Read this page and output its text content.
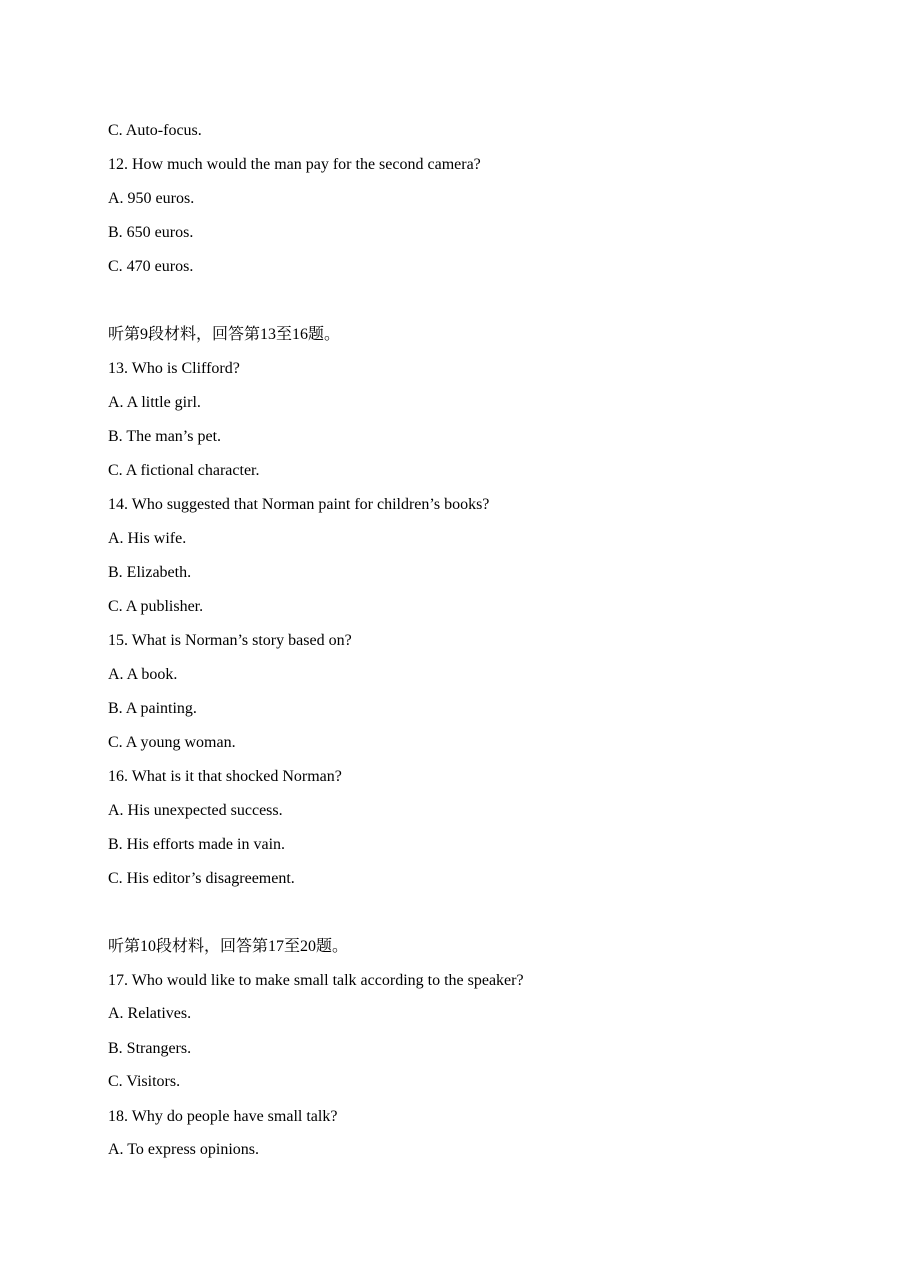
C. Auto-focus.
12. How much would the man pay for the second camera?
A. 950 euros.
B. 650 euros.
C. 470 euros.
听第9段材料，回答第13至16题。
13. Who is Clifford?
A. A little girl.
B. The man’s pet.
C. A fictional character.
14. Who suggested that Norman paint for children’s books?
A. His wife.
B. Elizabeth.
C. A publisher.
15. What is Norman’s story based on?
A. A book.
B. A painting.
C. A young woman.
16. What is it that shocked Norman?
A. His unexpected success.
B. His efforts made in vain.
C. His editor’s disagreement.
听第10段材料，回答第17至20题。
17. Who would like to make small talk according to the speaker?
A. Relatives.
B. Strangers.
C. Visitors.
18. Why do people have small talk?
A. To express opinions.
